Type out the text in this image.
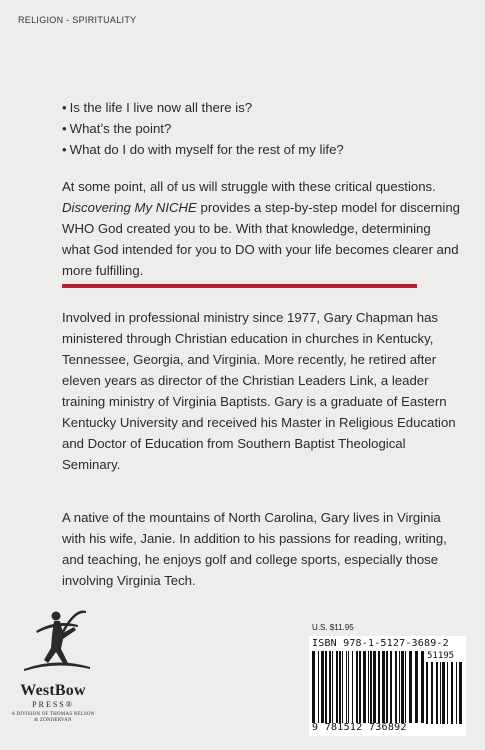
RELIGION - SPIRITUALITY
• Is the life I live now all there is?
• What’s the point?
• What do I do with myself for the rest of my life?

At some point, all of us will struggle with these critical questions. Discovering My NICHE provides a step-by-step model for discerning WHO God created you to be. With that knowledge, determining what God intended for you to DO with your life becomes clearer and more fulfilling.

Involved in professional ministry since 1977, Gary Chapman has ministered through Christian education in churches in Kentucky, Tennessee, Georgia, and Virginia. More recently, he retired after eleven years as director of the Christian Leaders Link, a leader training ministry of Virginia Baptists. Gary is a graduate of Eastern Kentucky University and received his Master in Religious Education and Doctor of Education from Southern Baptist Theological Seminary.

A native of the mountains of North Carolina, Gary lives in Virginia with his wife, Janie. In addition to his passions for reading, writing, and teaching, he enjoys golf and college sports, especially those involving Virginia Tech.

WestBow
PRESS®
A DIVISION OF THOMAS NELSON & ZONDERVAN
U.S. $11.95
ISBN 978-1-5127-3689-2
51195
9 781512 736892
